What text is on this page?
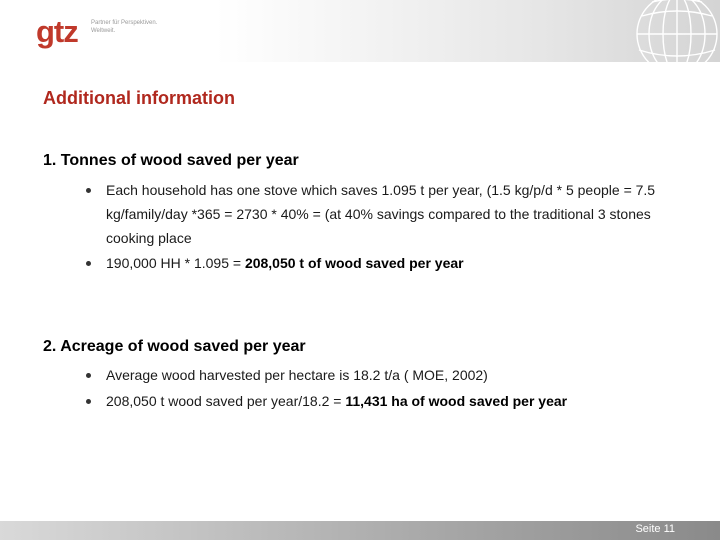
gtz Partner für Perspektiven.
Weltweit.
Additional information
1. Tonnes of wood saved per year
Each household has one stove which saves 1.095 t per year, (1.5 kg/p/d * 5 people = 7.5 kg/family/day *365 = 2730 * 40% = (at 40% savings compared to the traditional 3 stones cooking place
190,000 HH * 1.095 = 208,050 t of wood saved per year
2. Acreage of wood saved per year
Average wood harvested per hectare is 18.2 t/a ( MOE, 2002)
208,050 t wood saved per year/18.2 = 11,431 ha of wood saved per year
Seite 11
